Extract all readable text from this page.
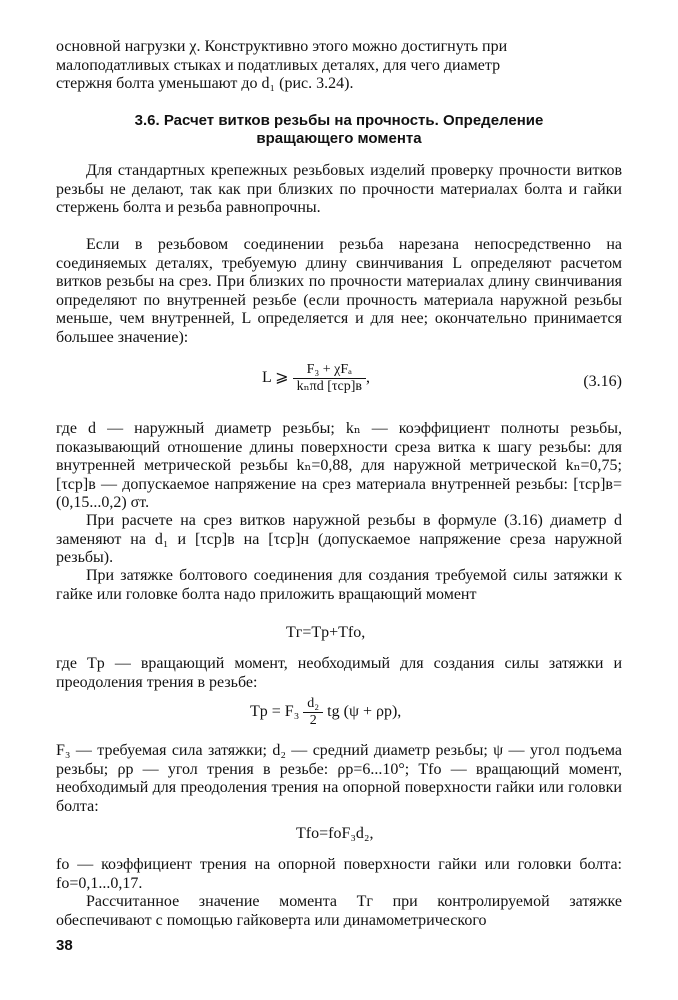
основной нагрузки χ. Конструктивно этого можно достигнуть при
малоподатливых стыках и податливых деталях, для чего диаметр
стержня болта уменьшают до d₁ (рис. 3.24).
3.6. Расчет витков резьбы на прочность. Определение
вращающего момента
Для стандартных крепежных резьбовых изделий проверку прочности витков резьбы не делают, так как при близких по прочности материалах болта и гайки стержень болта и резьба равнопрочны.
Если в резьбовом соединении резьба нарезана непосредственно на соединяемых деталях, требуемую длину свинчивания L определяют расчетом витков резьбы на срез. При близких по прочности материалах длину свинчивания определяют по внутренней резьбе (если прочность материала наружной резьбы меньше, чем внутренней, L определяется и для нее; окончательно принимается большее значение):
L ⩾ $\frac{\text{F₃ + χFₐ}}{\text{kₙπd [τср]в}}$ ,	(3.16)
где d — наружный диаметр резьбы; kₙ — коэффициент полноты резьбы, показывающий отношение длины поверхности среза витка к шагу резьбы: для внутренней метрической резьбы kₙ=0,88, для наружной метрической kₙ=0,75; [τср]в — допускаемое напряжение на срез материала внутренней резьбы: [τср]в= (0,15...0,2) σт.
При расчете на срез витков наружной резьбы в формуле (3.16) диаметр d заменяют на d₁ и [τср]в на [τср]н (допускаемое напряжение среза наружной резьбы).
При затяжке болтового соединения для создания требуемой силы затяжки к гайке или головке болта надо приложить вращающий момент
Tг=Tр+Tfо,
где Tр — вращающий момент, необходимый для создания силы затяжки и преодоления трения в резьбе:
Tр = $F_3 \frac{\text{d₂}}{2}$ tg (ψ + ρр),
F₃ — требуемая сила затяжки; d₂ — средний диаметр резьбы; ψ — угол подъема резьбы; ρр — угол трения в резьбе: ρр=6...10°; Tfо — вращающий момент, необходимый для преодоления трения на опорной поверхности гайки или головки болта:
Tfо=fоF₃d₂,
fо — коэффициент трения на опорной поверхности гайки или головки болта: fо=0,1...0,17.
Рассчитанное значение момента Tг при контролируемой затяжке обеспечивают с помощью гайковерта или динамометрического
38
